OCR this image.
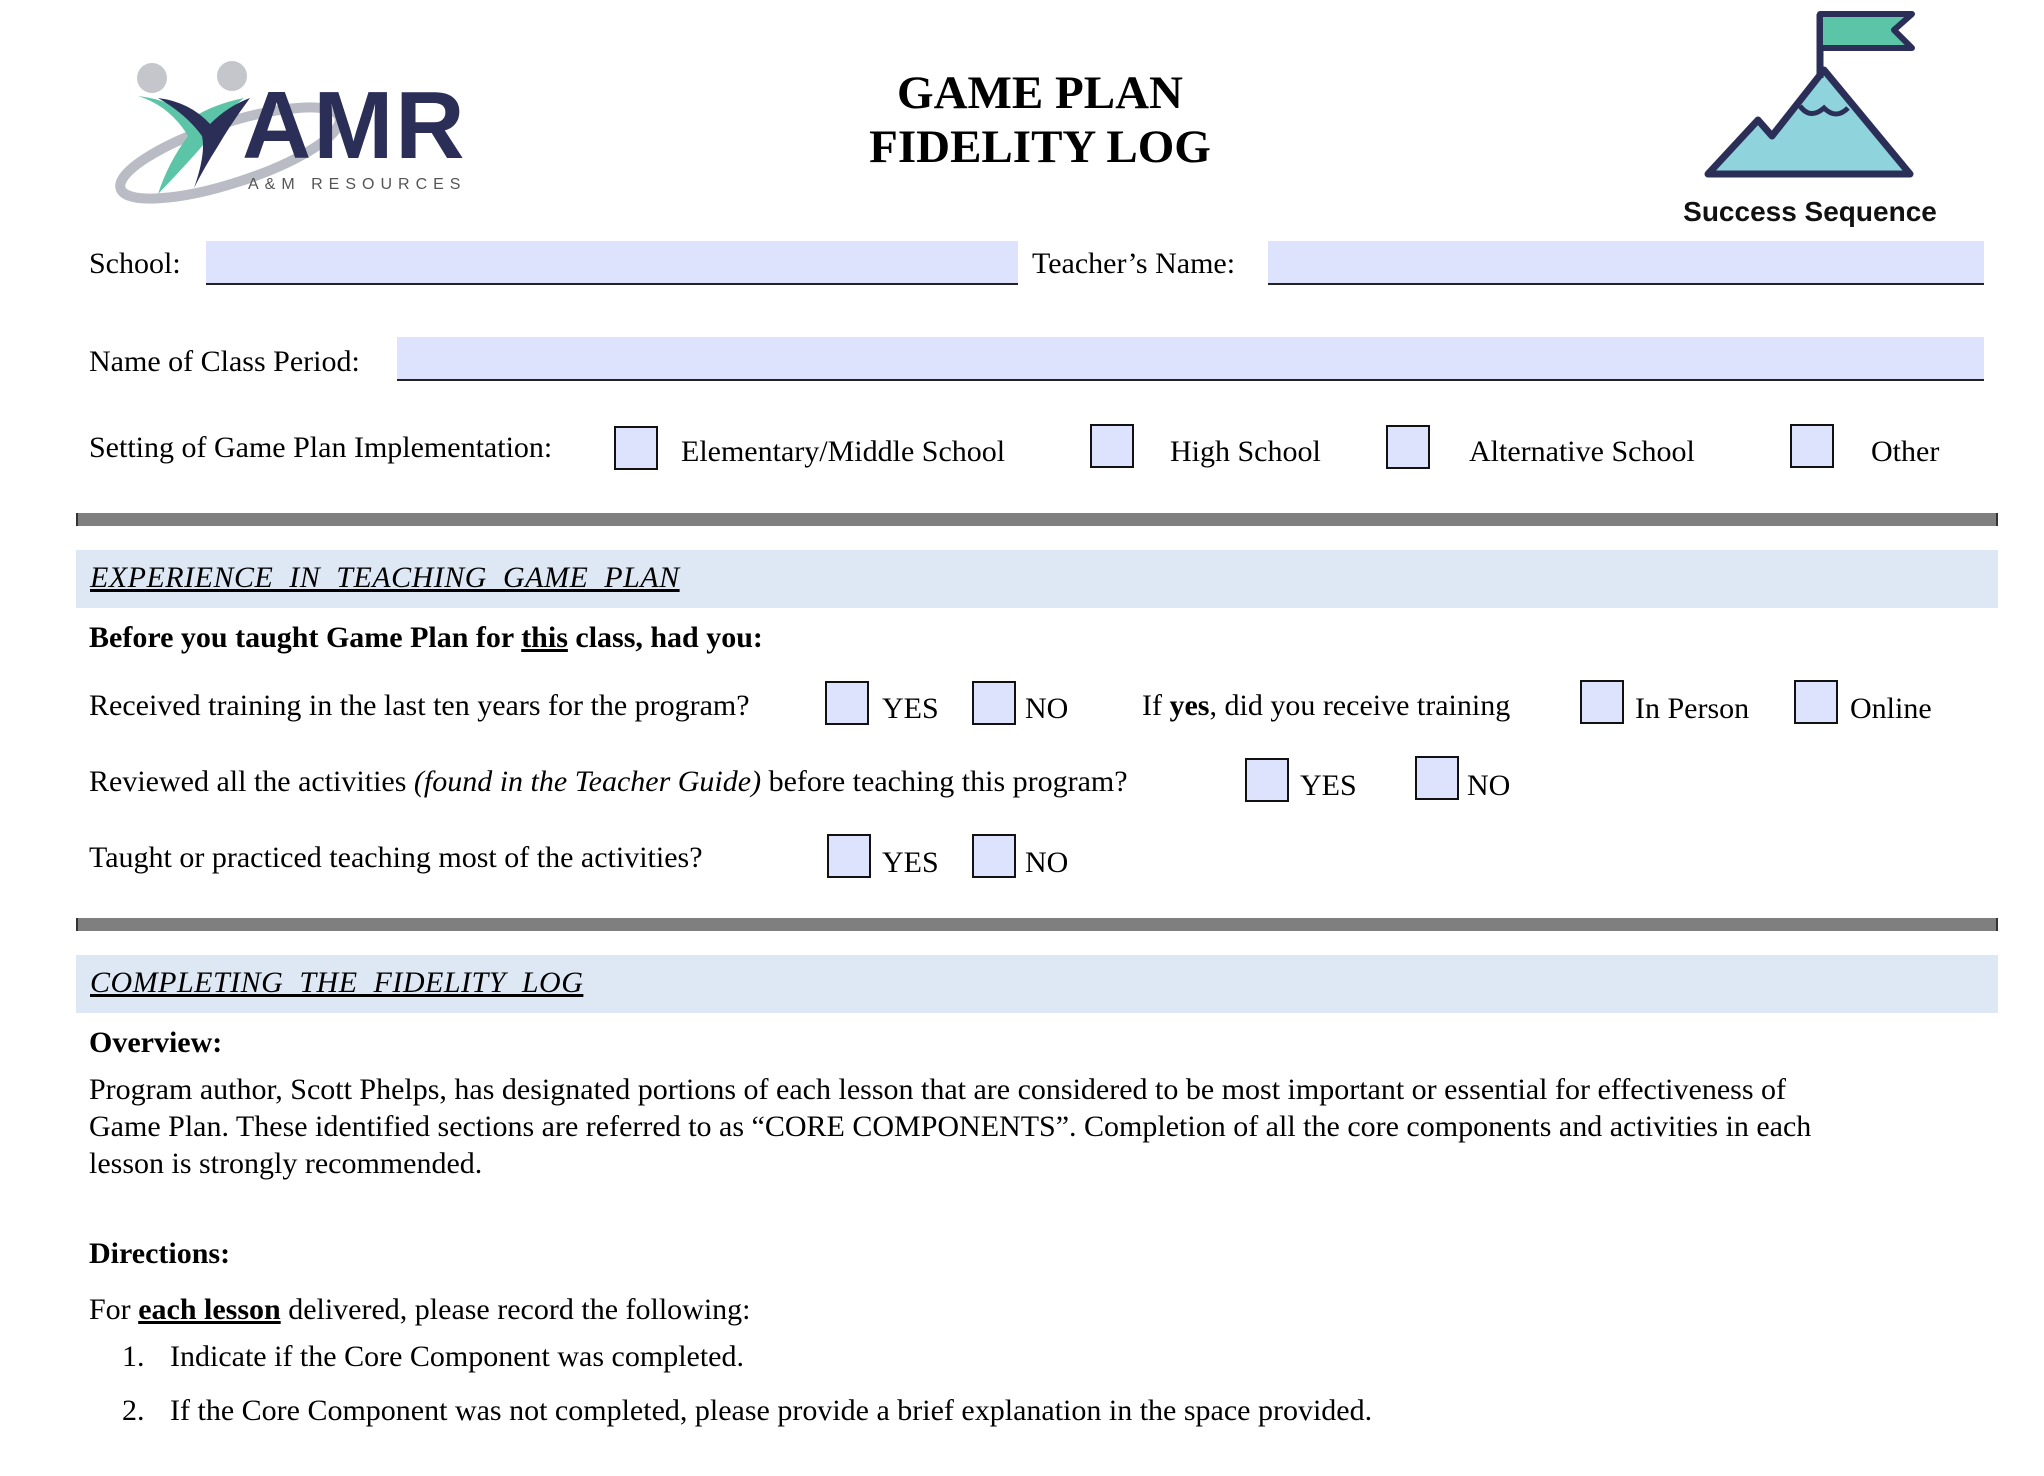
AMR
A&M RESOURCES
GAME PLAN
FIDELITY LOG
Success Sequence
School:	Teacher’s Name:
Name of Class Period:
Setting of Game Plan Implementation:	Elementary/Middle School	High School	Alternative School	Other
EXPERIENCE  IN  TEACHING  GAME  PLAN
Before you taught Game Plan for this class, had you:
Received training in the last ten years for the program?	YES	NO If yes, did you receive training	In Person	Online
Reviewed all the activities (found in the Teacher Guide) before teaching this program?	YES	NO
Taught or practiced teaching most of the activities?	YES	NO
COMPLETING  THE  FIDELITY  LOG
Overview:
Program author, Scott Phelps, has designated portions of each lesson that are considered to be most important or essential for effectiveness of
Game Plan. These identified sections are referred to as “CORE COMPONENTS”. Completion of all the core components and activities in each
lesson is strongly recommended.
Directions:
For each lesson delivered, please record the following:
1. Indicate if the Core Component was completed.
2. If the Core Component was not completed, please provide a brief explanation in the space provided.
